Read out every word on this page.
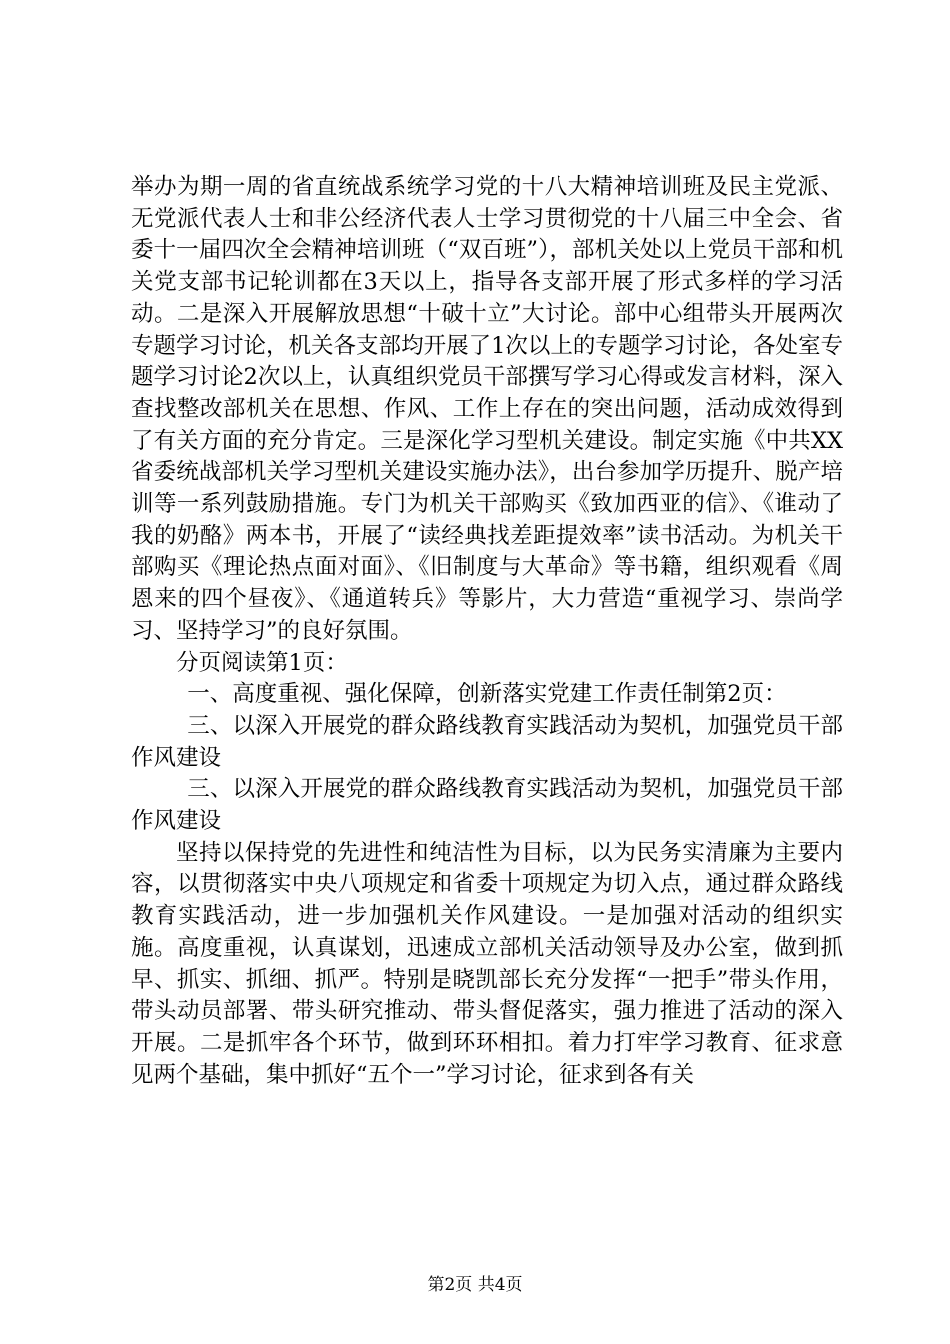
举办为期一周的省直统战系统学习党的十八大精神培训班及民主党派、无党派代表人士和非公经济代表人士学习贯彻党的十八届三中全会、省委十一届四次全会精神培训班（“双百班”），部机关处以上党员干部和机关党支部书记轮训都在3天以上，指导各支部开展了形式多样的学习活动。二是深入开展解放思想“十破十立”大讨论。部中心组带头开展两次专题学习讨论，机关各支部均开展了1次以上的专题学习讨论，各处室专题学习讨论2次以上，认真组织党员干部撰写学习心得或发言材料，深入查找整改部机关在思想、作风、工作上存在的突出问题，活动成效得到了有关方面的充分肯定。三是深化学习型机关建设。制定实施《中共XX省委统战部机关学习型机关建设实施办法》，出台参加学历提升、脱产培训等一系列鼓励措施。专门为机关干部购买《致加西亚的信》、《谁动了我的奶酪》两本书，开展了“读经典找差距提效率”读书活动。为机关干部购买《理论热点面对面》、《旧制度与大革命》等书籍，组织观看《周恩来的四个昼夜》、《通道转兵》等影片，大力营造“重视学习、崇尚学习、坚持学习”的良好氛围。

分页阅读第1页：

一、高度重视、强化保障，创新落实党建工作责任制第2页：

三、以深入开展党的群众路线教育实践活动为契机，加强党员干部作风建设

三、以深入开展党的群众路线教育实践活动为契机，加强党员干部作风建设

坚持以保持党的先进性和纯洁性为目标，以为民务实清廉为主要内容，以贯彻落实中央八项规定和省委十项规定为切入点，通过群众路线教育实践活动，进一步加强机关作风建设。一是加强对活动的组织实施。高度重视，认真谋划，迅速成立部机关活动领导及办公室，做到抓早、抓实、抓细、抓严。特别是晓凯部长充分发挥“一把手”带头作用，带头动员部署、带头研究推动、带头督促落实，强力推进了活动的深入开展。二是抓牢各个环节，做到环环相扣。着力打牢学习教育、征求意见两个基础，集中抓好“五个一”学习讨论，征求到各有关

第2页 共4页
